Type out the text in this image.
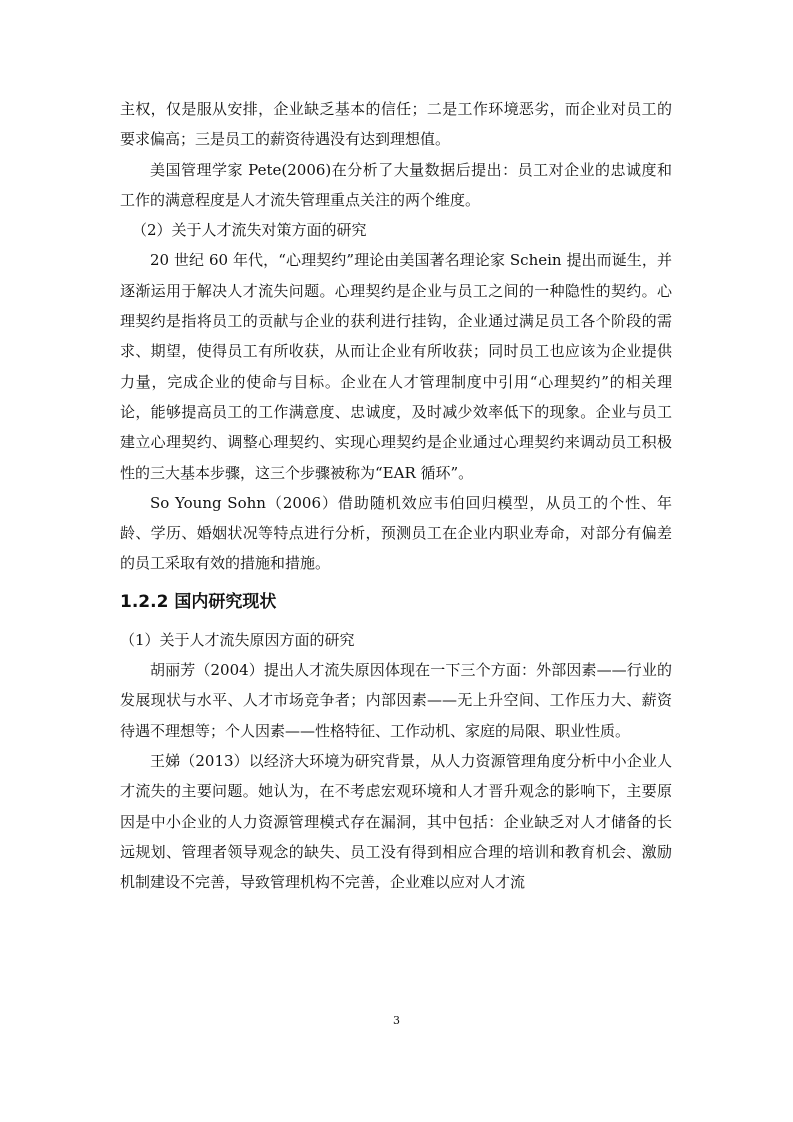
主权，仅是服从安排，企业缺乏基本的信任；二是工作环境恶劣，而企业对员工的要求偏高；三是员工的薪资待遇没有达到理想值。

美国管理学家 Pete(2006)在分析了大量数据后提出：员工对企业的忠诚度和工作的满意程度是人才流失管理重点关注的两个维度。

（2）关于人才流失对策方面的研究

20 世纪 60 年代，“心理契约”理论由美国著名理论家 Schein 提出而诞生，并逐渐运用于解决人才流失问题。心理契约是企业与员工之间的一种隐性的契约。心理契约是指将员工的贡献与企业的获利进行挂钩，企业通过满足员工各个阶段的需求、期望，使得员工有所收获，从而让企业有所收获；同时员工也应该为企业提供力量，完成企业的使命与目标。企业在人才管理制度中引用“心理契约”的相关理论，能够提高员工的工作满意度、忠诚度，及时减少效率低下的现象。企业与员工建立心理契约、调整心理契约、实现心理契约是企业通过心理契约来调动员工积极性的三大基本步骤，这三个步骤被称为“EAR 循环”。

So Young Sohn（2006）借助随机效应韦伯回归模型，从员工的个性、年龄、学历、婚姻状况等特点进行分析，预测员工在企业内职业寿命，对部分有偏差的员工采取有效的措施和措施。

1.2.2 国内研究现状

（1）关于人才流失原因方面的研究

胡丽芳（2004）提出人才流失原因体现在一下三个方面：外部因素——行业的发展现状与水平、人才市场竞争者；内部因素——无上升空间、工作压力大、薪资待遇不理想等；个人因素——性格特征、工作动机、家庭的局限、职业性质。

王娣（2013）以经济大环境为研究背景，从人力资源管理角度分析中小企业人才流失的主要问题。她认为，在不考虑宏观环境和人才晋升观念的影响下，主要原因是中小企业的人力资源管理模式存在漏洞，其中包括：企业缺乏对人才储备的长远规划、管理者领导观念的缺失、员工没有得到相应合理的培训和教育机会、激励机制建设不完善，导致管理机构不完善，企业难以应对人才流

3
